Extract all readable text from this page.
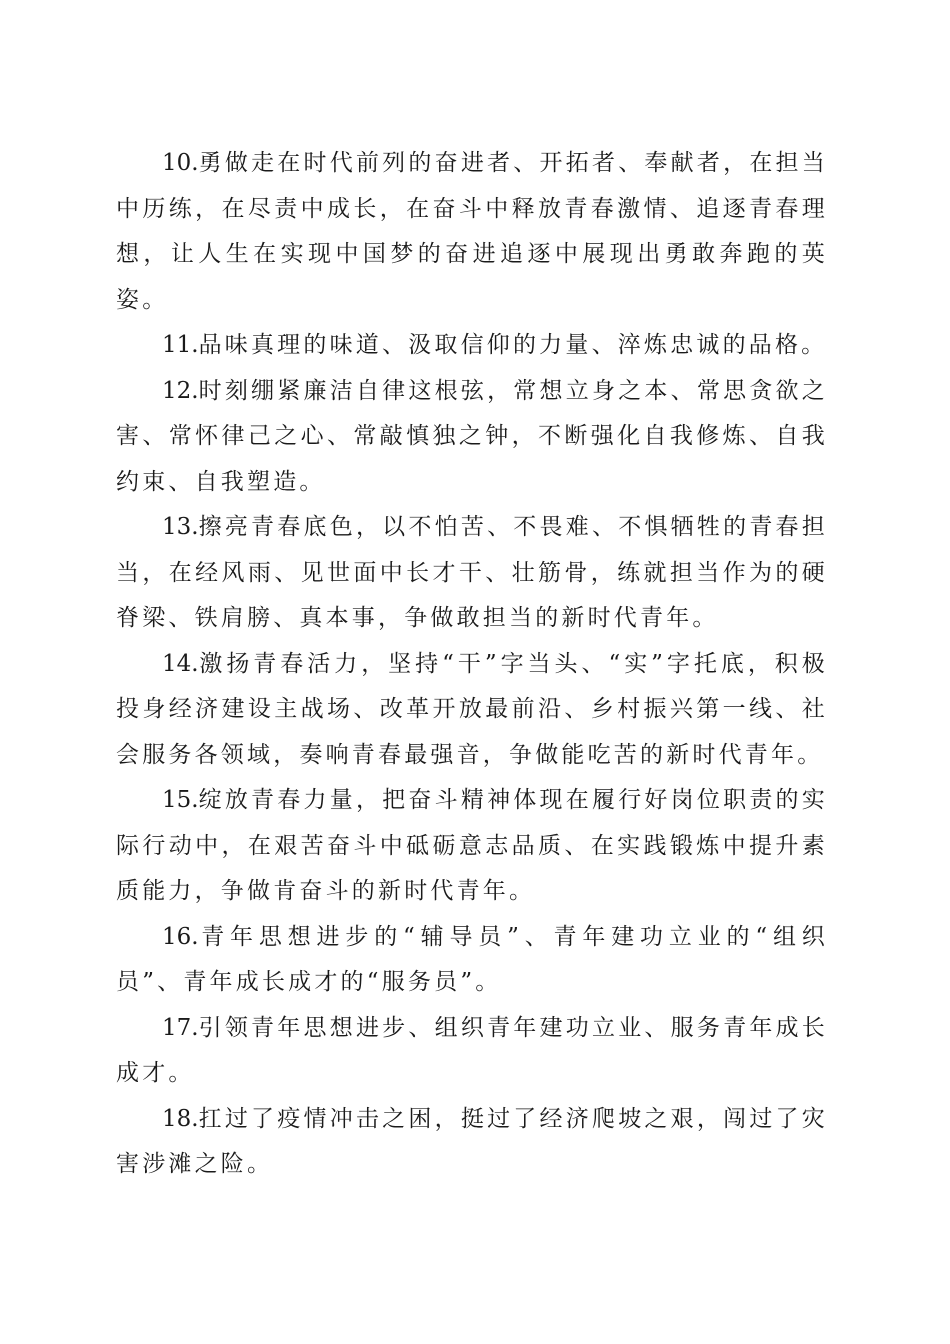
10.勇做走在时代前列的奋进者、开拓者、奉献者，在担当中历练，在尽责中成长，在奋斗中释放青春激情、追逐青春理想，让人生在实现中国梦的奋进追逐中展现出勇敢奔跑的英姿。

11.品味真理的味道、汲取信仰的力量、淬炼忠诚的品格。

12.时刻绷紧廉洁自律这根弦，常想立身之本、常思贪欲之害、常怀律己之心、常敲慎独之钟，不断强化自我修炼、自我约束、自我塑造。

13.擦亮青春底色，以不怕苦、不畏难、不惧牺牲的青春担当，在经风雨、见世面中长才干、壮筋骨，练就担当作为的硬脊梁、铁肩膀、真本事，争做敢担当的新时代青年。

14.激扬青春活力，坚持“干”字当头、“实”字托底，积极投身经济建设主战场、改革开放最前沿、乡村振兴第一线、社会服务各领域，奏响青春最强音，争做能吃苦的新时代青年。

15.绽放青春力量，把奋斗精神体现在履行好岗位职责的实际行动中，在艰苦奋斗中砥砺意志品质、在实践锻炼中提升素质能力，争做肯奋斗的新时代青年。

16.青年思想进步的“辅导员”、青年建功立业的“组织员”、青年成长成才的“服务员”。

17.引领青年思想进步、组织青年建功立业、服务青年成长成才。

18.扛过了疫情冲击之困，挺过了经济爬坡之艰，闯过了灾害涉滩之险。
